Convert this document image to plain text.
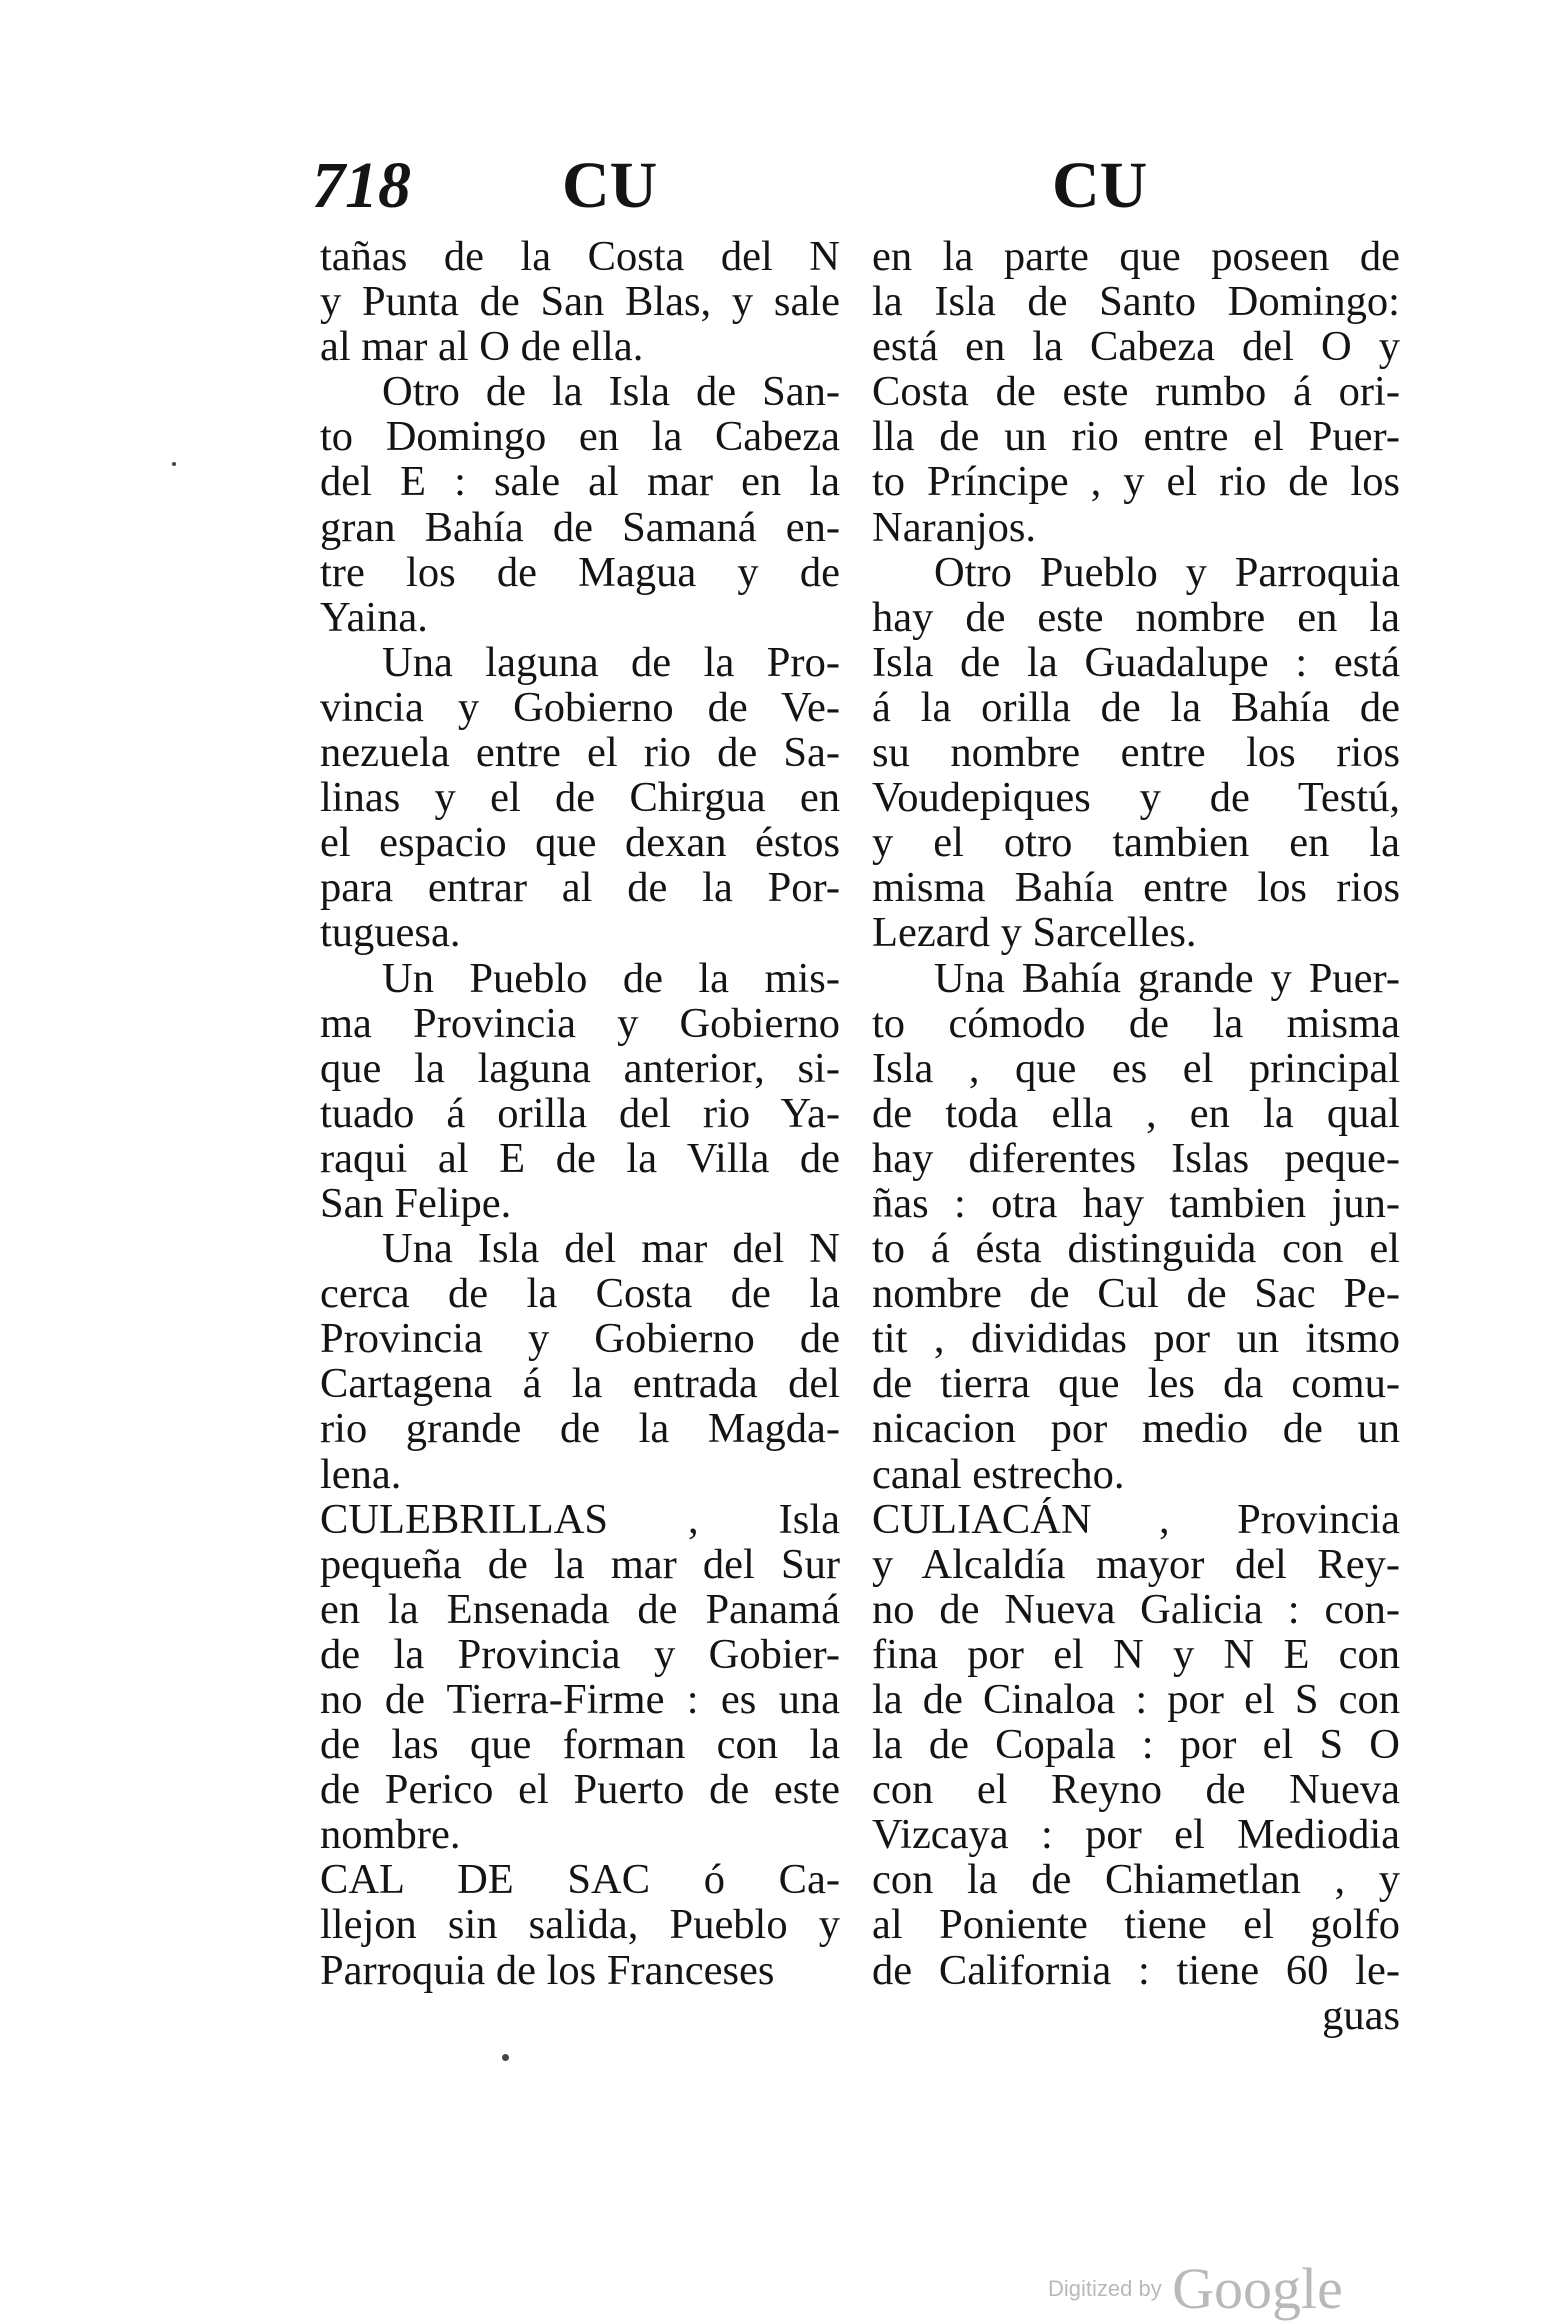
718 CU	CU
tañas de la Costa del N
y Punta de San Blas, y sale
al mar al O de ella.
Otro de la Isla de San-
to Domingo en la Cabeza
del E : sale al mar en la
gran Bahía de Samaná en-
tre los de Magua y de
Yaina.
Una laguna de la Pro-
vincia y Gobierno de Ve-
nezuela entre el rio de Sa-
linas y el de Chirgua en
el espacio que dexan éstos
para entrar al de la Por-
tuguesa.
Un Pueblo de la mis-
ma Provincia y Gobierno
que la laguna anterior, si-
tuado á orilla del rio Ya-
raqui al E de la Villa de
San Felipe.
Una Isla del mar del N
cerca de la Costa de la
Provincia y Gobierno de
Cartagena á la entrada del
rio grande de la Magda-
lena.
CULEBRILLAS , Isla
pequeña de la mar del Sur
en la Ensenada de Panamá
de la Provincia y Gobier-
no de Tierra-Firme : es una
de las que forman con la
de Perico el Puerto de este
nombre.
CAL DE SAC ó Ca-
llejon sin salida, Pueblo y
Parroquia de los Franceses
en la parte que poseen de
la Isla de Santo Domingo:
está en la Cabeza del O y
Costa de este rumbo á ori-
lla de un rio entre el Puer-
to Príncipe , y el rio de los
Naranjos.
Otro Pueblo y Parroquia
hay de este nombre en la
Isla de la Guadalupe : está
á la orilla de la Bahía de
su nombre entre los rios
Voudepiques y de Testú,
y el otro tambien en la
misma Bahía entre los rios
Lezard y Sarcelles.
Una Bahía grande y Puer-
to cómodo de la misma
Isla , que es el principal
de toda ella , en la qual
hay diferentes Islas peque-
ñas : otra hay tambien jun-
to á ésta distinguida con el
nombre de Cul de Sac Pe-
tit , divididas por un itsmo
de tierra que les da comu-
nicacion por medio de un
canal estrecho.
CULIACÁN , Provincia
y Alcaldía mayor del Rey-
no de Nueva Galicia : con-
fina por el N y N E con
la de Cinaloa : por el S con
la de Copala : por el S O
con el Reyno de Nueva
Vizcaya : por el Mediodia
con la de Chiametlan , y
al Poniente tiene el golfo
de California : tiene 60 le-
guas
Digitized by Google
